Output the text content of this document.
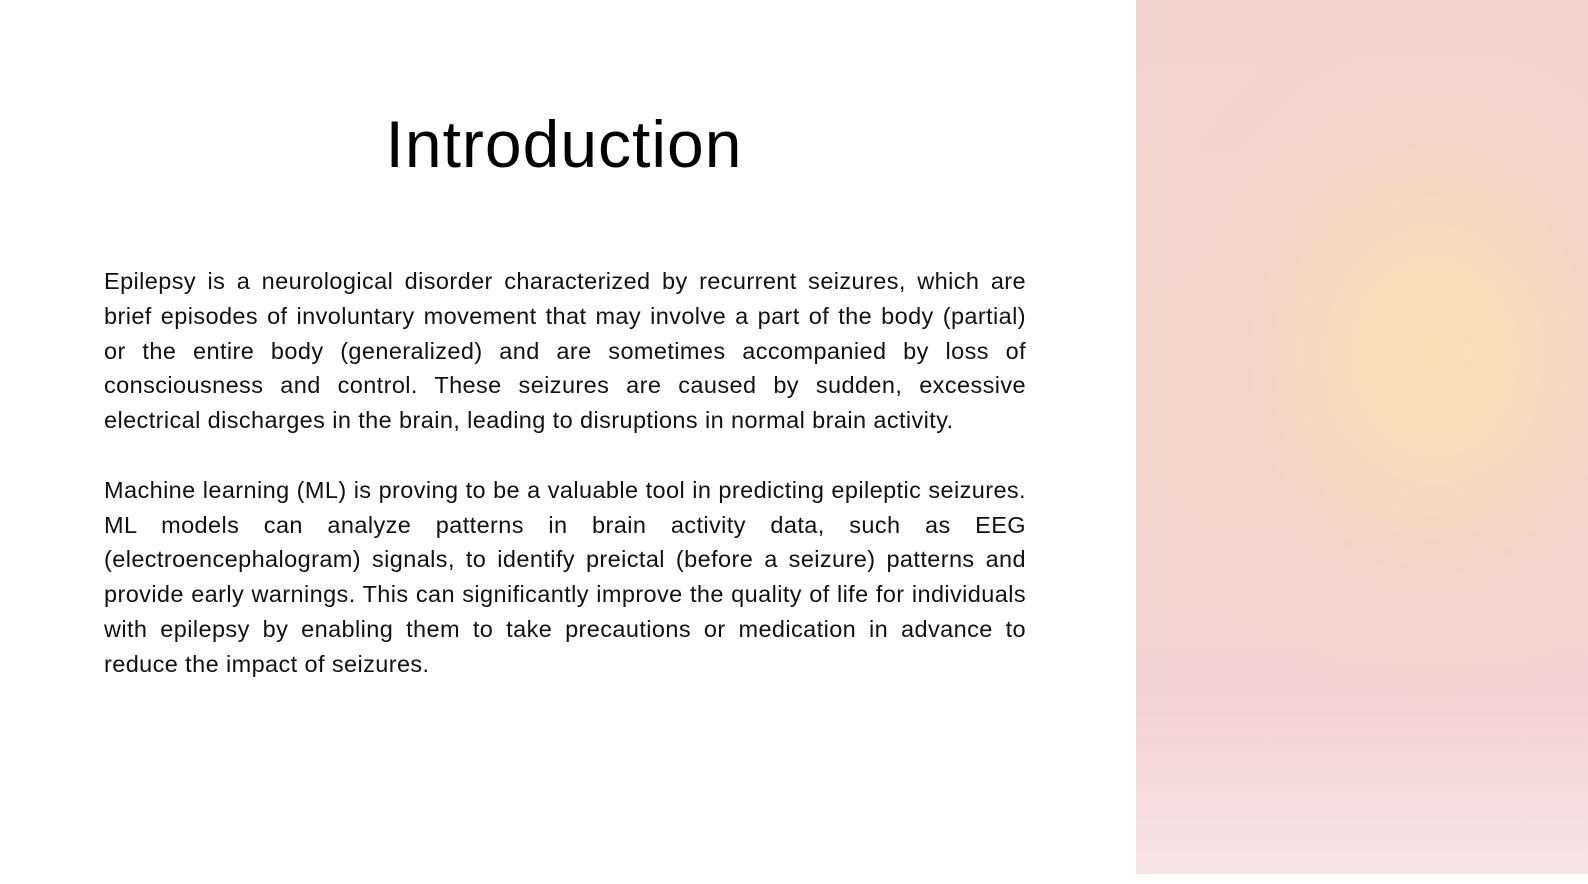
Introduction

Epilepsy is a neurological disorder characterized by recurrent seizures, which are brief episodes of involuntary movement that may involve a part of the body (partial) or the entire body (generalized) and are sometimes accompanied by loss of consciousness and control. These seizures are caused by sudden, excessive electrical discharges in the brain, leading to disruptions in normal brain activity.

Machine learning (ML) is proving to be a valuable tool in predicting epileptic seizures. ML models can analyze patterns in brain activity data, such as EEG (electroencephalogram) signals, to identify preictal (before a seizure) patterns and provide early warnings. This can significantly improve the quality of life for individuals with epilepsy by enabling them to take precautions or medication in advance to reduce the impact of seizures.
